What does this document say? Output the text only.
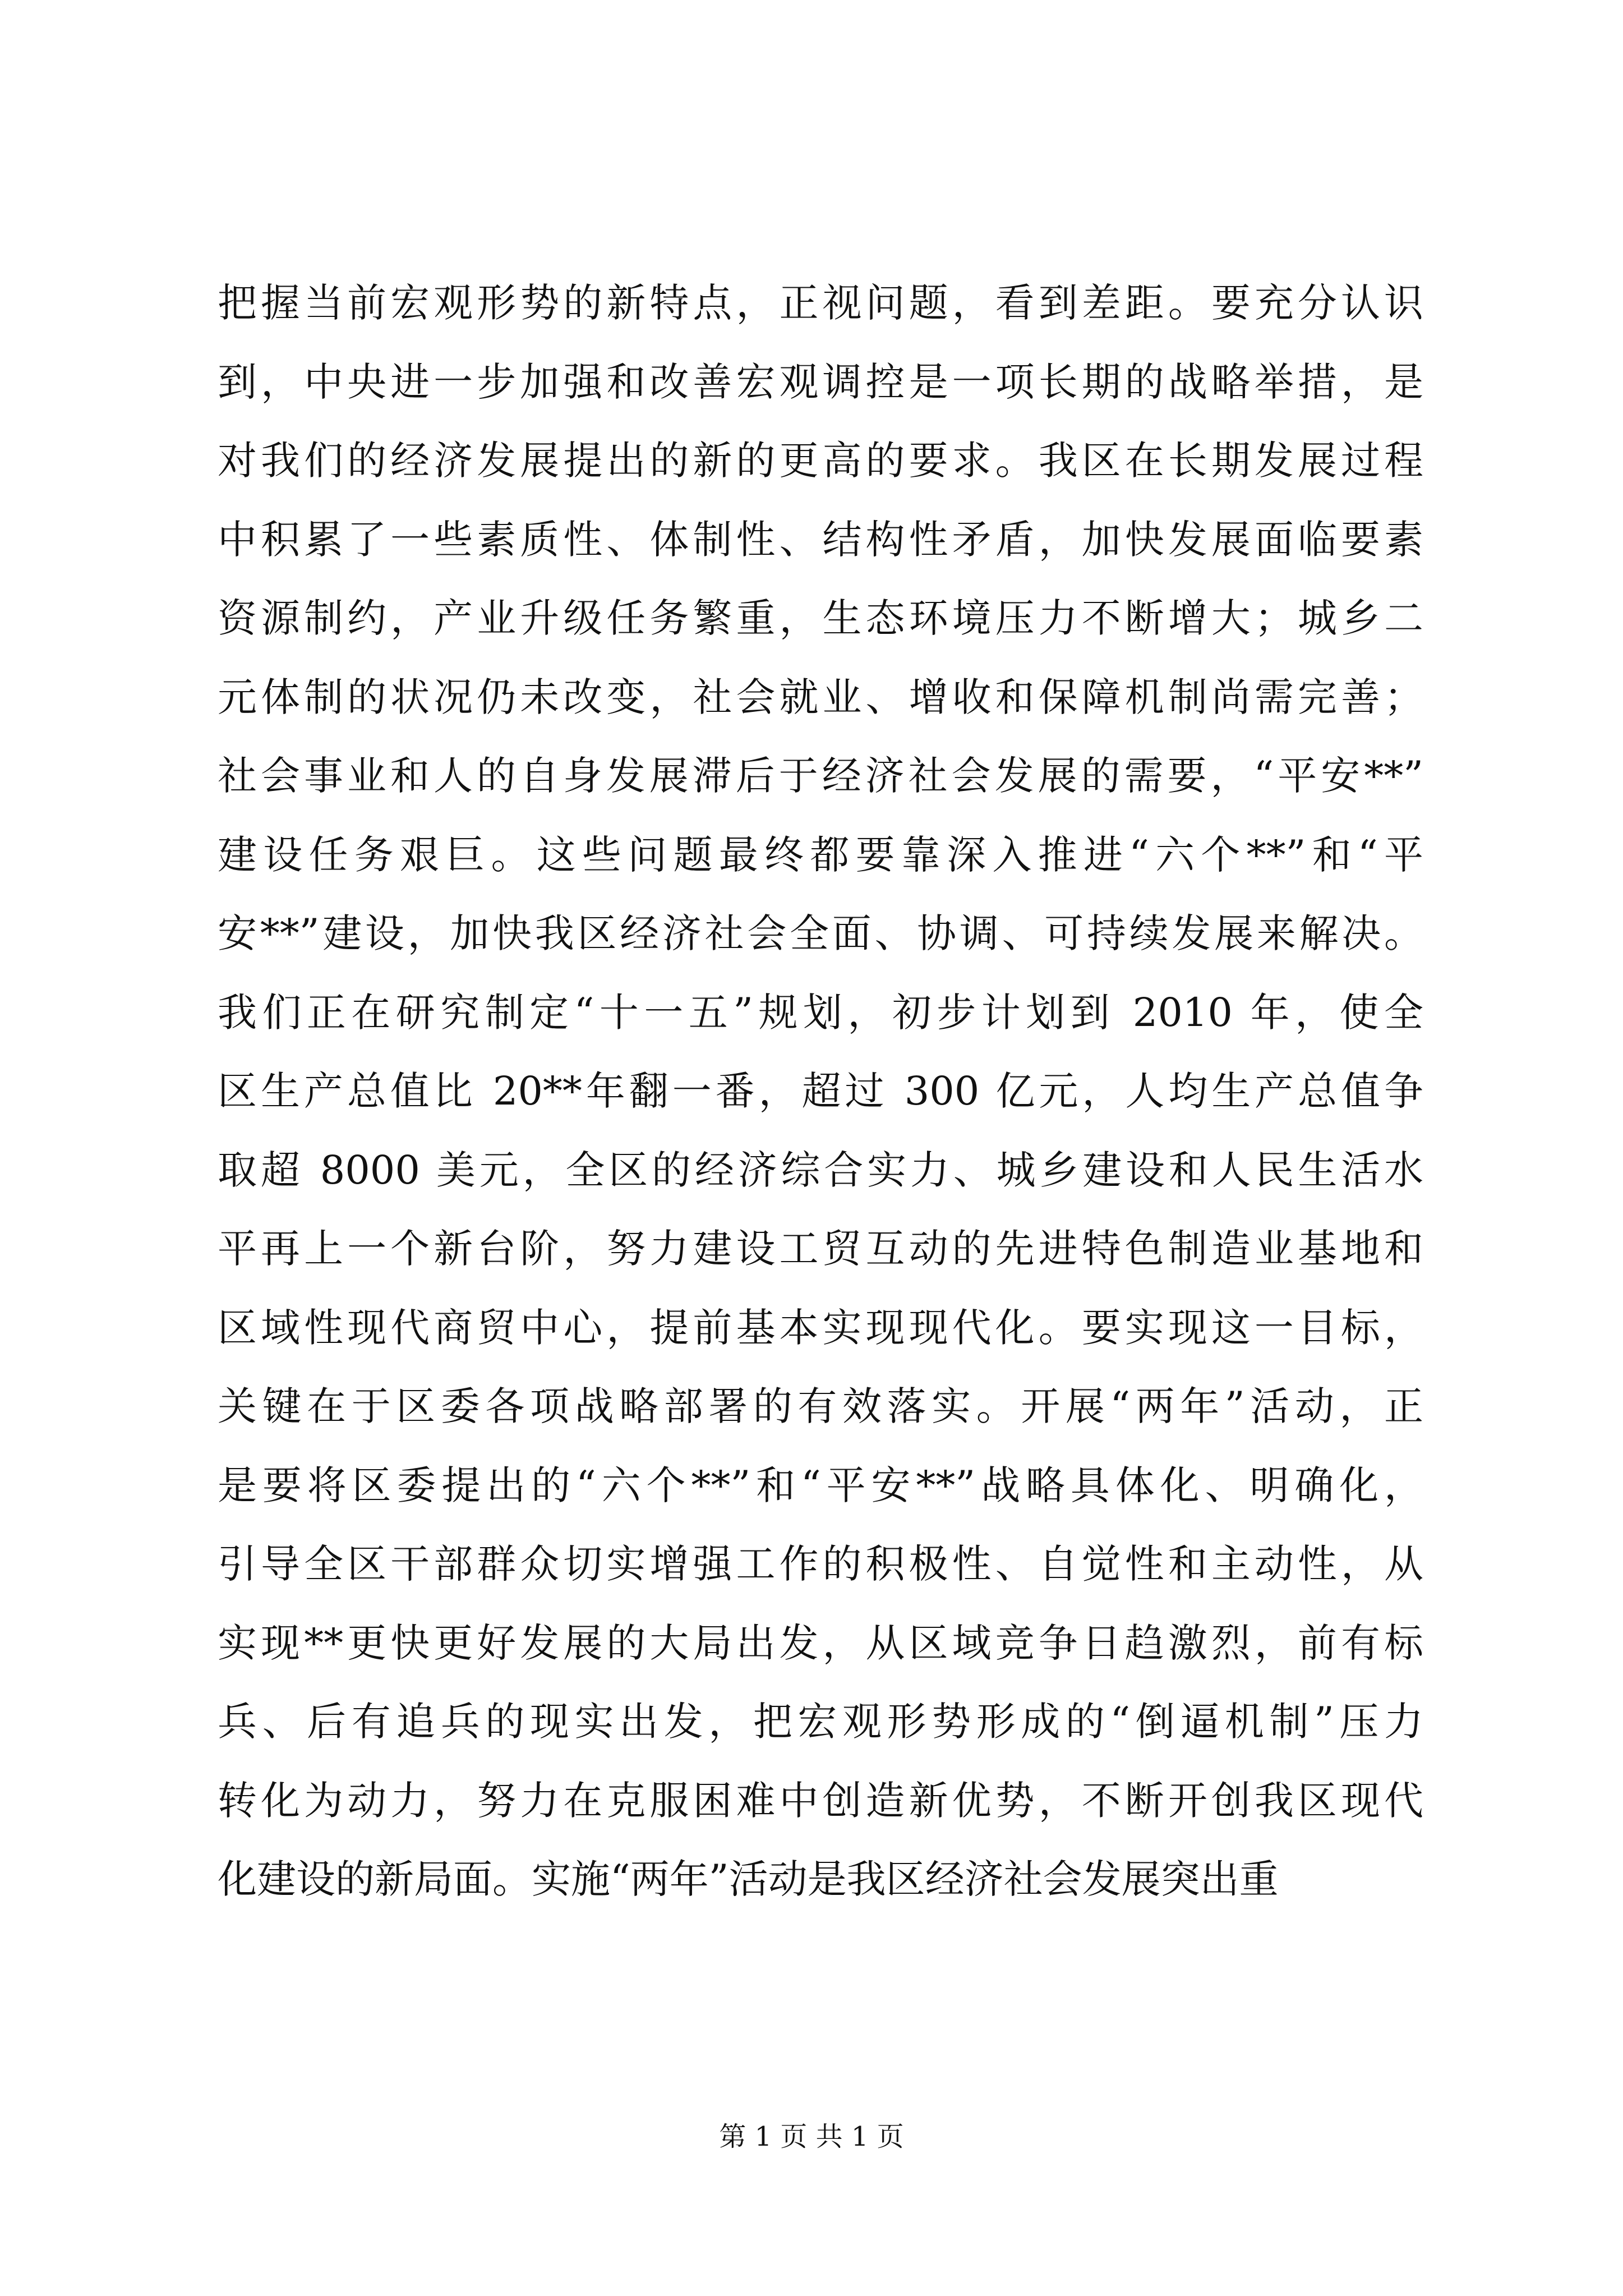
把握当前宏观形势的新特点，正视问题，看到差距。要充分认识
到，中央进一步加强和改善宏观调控是一项长期的战略举措，是
对我们的经济发展提出的新的更高的要求。我区在长期发展过程
中积累了一些素质性、体制性、结构性矛盾，加快发展面临要素
资源制约，产业升级任务繁重，生态环境压力不断增大；城乡二
元体制的状况仍未改变，社会就业、增收和保障机制尚需完善；
社会事业和人的自身发展滞后于经济社会发展的需要，“平安**”
建设任务艰巨。这些问题最终都要靠深入推进“六个**”和“平
安**”建设，加快我区经济社会全面、协调、可持续发展来解决。
我们正在研究制定“十一五”规划，初步计划到 2010 年，使全
区生产总值比 20**年翻一番，超过 300 亿元，人均生产总值争
取超 8000 美元，全区的经济综合实力、城乡建设和人民生活水
平再上一个新台阶，努力建设工贸互动的先进特色制造业基地和
区域性现代商贸中心，提前基本实现现代化。要实现这一目标，
关键在于区委各项战略部署的有效落实。开展“两年”活动，正
是要将区委提出的“六个**”和“平安**”战略具体化、明确化，
引导全区干部群众切实增强工作的积极性、自觉性和主动性，从
实现**更快更好发展的大局出发，从区域竞争日趋激烈，前有标
兵、后有追兵的现实出发，把宏观形势形成的“倒逼机制”压力
转化为动力，努力在克服困难中创造新优势，不断开创我区现代
化建设的新局面。实施“两年”活动是我区经济社会发展突出重
第 1 页 共 1 页
